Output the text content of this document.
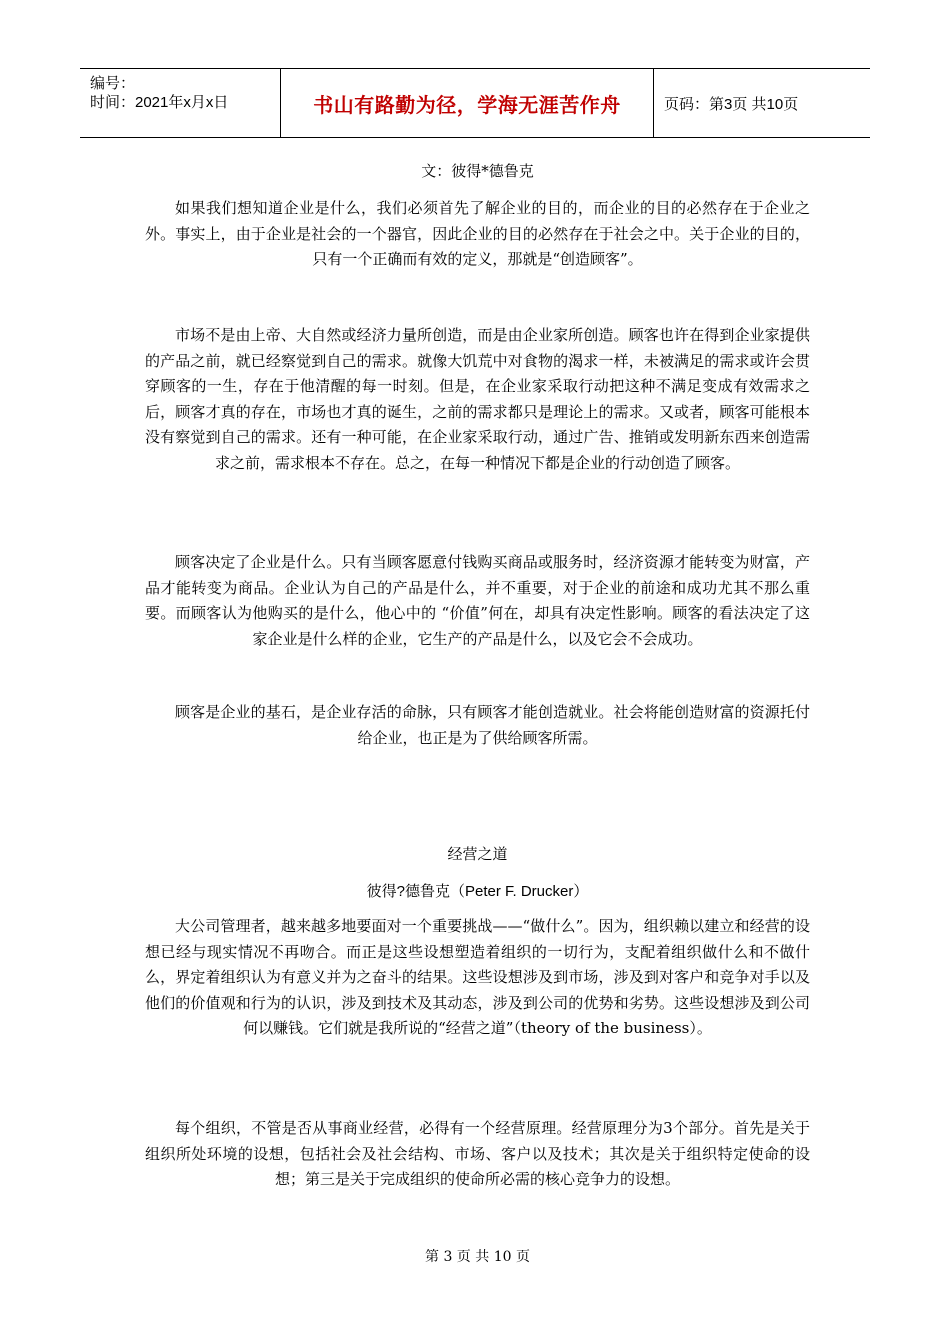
编号：
时间：2021年x月x日	书山有路勤为径，学海无涯苦作舟	页码：第3页 共10页
文：彼得*德鲁克

如果我们想知道企业是什么，我们必须首先了解企业的目的，而企业的目的必然存在于企业之外。事实上，由于企业是社会的一个器官，因此企业的目的必然存在于社会之中。关于企业的目的，只有一个正确而有效的定义，那就是“创造顾客”。

市场不是由上帝、大自然或经济力量所创造，而是由企业家所创造。顾客也许在得到企业家提供的产品之前，就已经察觉到自己的需求。就像大饥荒中对食物的渴求一样，未被满足的需求或许会贯穿顾客的一生，存在于他清醒的每一时刻。但是，在企业家采取行动把这种不满足变成有效需求之后，顾客才真的存在，市场也才真的诞生，之前的需求都只是理论上的需求。又或者，顾客可能根本没有察觉到自己的需求。还有一种可能，在企业家采取行动，通过广告、推销或发明新东西来创造需求之前，需求根本不存在。总之，在每一种情况下都是企业的行动创造了顾客。

顾客决定了企业是什么。只有当顾客愿意付钱购买商品或服务时，经济资源才能转变为财富，产品才能转变为商品。企业认为自己的产品是什么，并不重要，对于企业的前途和成功尤其不那么重要。而顾客认为他购买的是什么，他心中的 “价值”何在，却具有决定性影响。顾客的看法决定了这家企业是什么样的企业，它生产的产品是什么，以及它会不会成功。

顾客是企业的基石，是企业存活的命脉，只有顾客才能创造就业。社会将能创造财富的资源托付给企业，也正是为了供给顾客所需。

经营之道
彼得?德鲁克（Peter F. Drucker）

大公司管理者，越来越多地要面对一个重要挑战——“做什么”。因为，组织赖以建立和经营的设想已经与现实情况不再吻合。而正是这些设想塑造着组织的一切行为，支配着组织做什么和不做什么，界定着组织认为有意义并为之奋斗的结果。这些设想涉及到市场，涉及到对客户和竞争对手以及他们的价值观和行为的认识，涉及到技术及其动态，涉及到公司的优势和劣势。这些设想涉及到公司何以赚钱。它们就是我所说的“经营之道”（theory of the business）。

每个组织，不管是否从事商业经营，必得有一个经营原理。经营原理分为3个部分。首先是关于组织所处环境的设想，包括社会及社会结构、市场、客户以及技术；其次是关于组织特定使命的设想；第三是关于完成组织的使命所必需的核心竞争力的设想。

第 3 页 共 10 页
